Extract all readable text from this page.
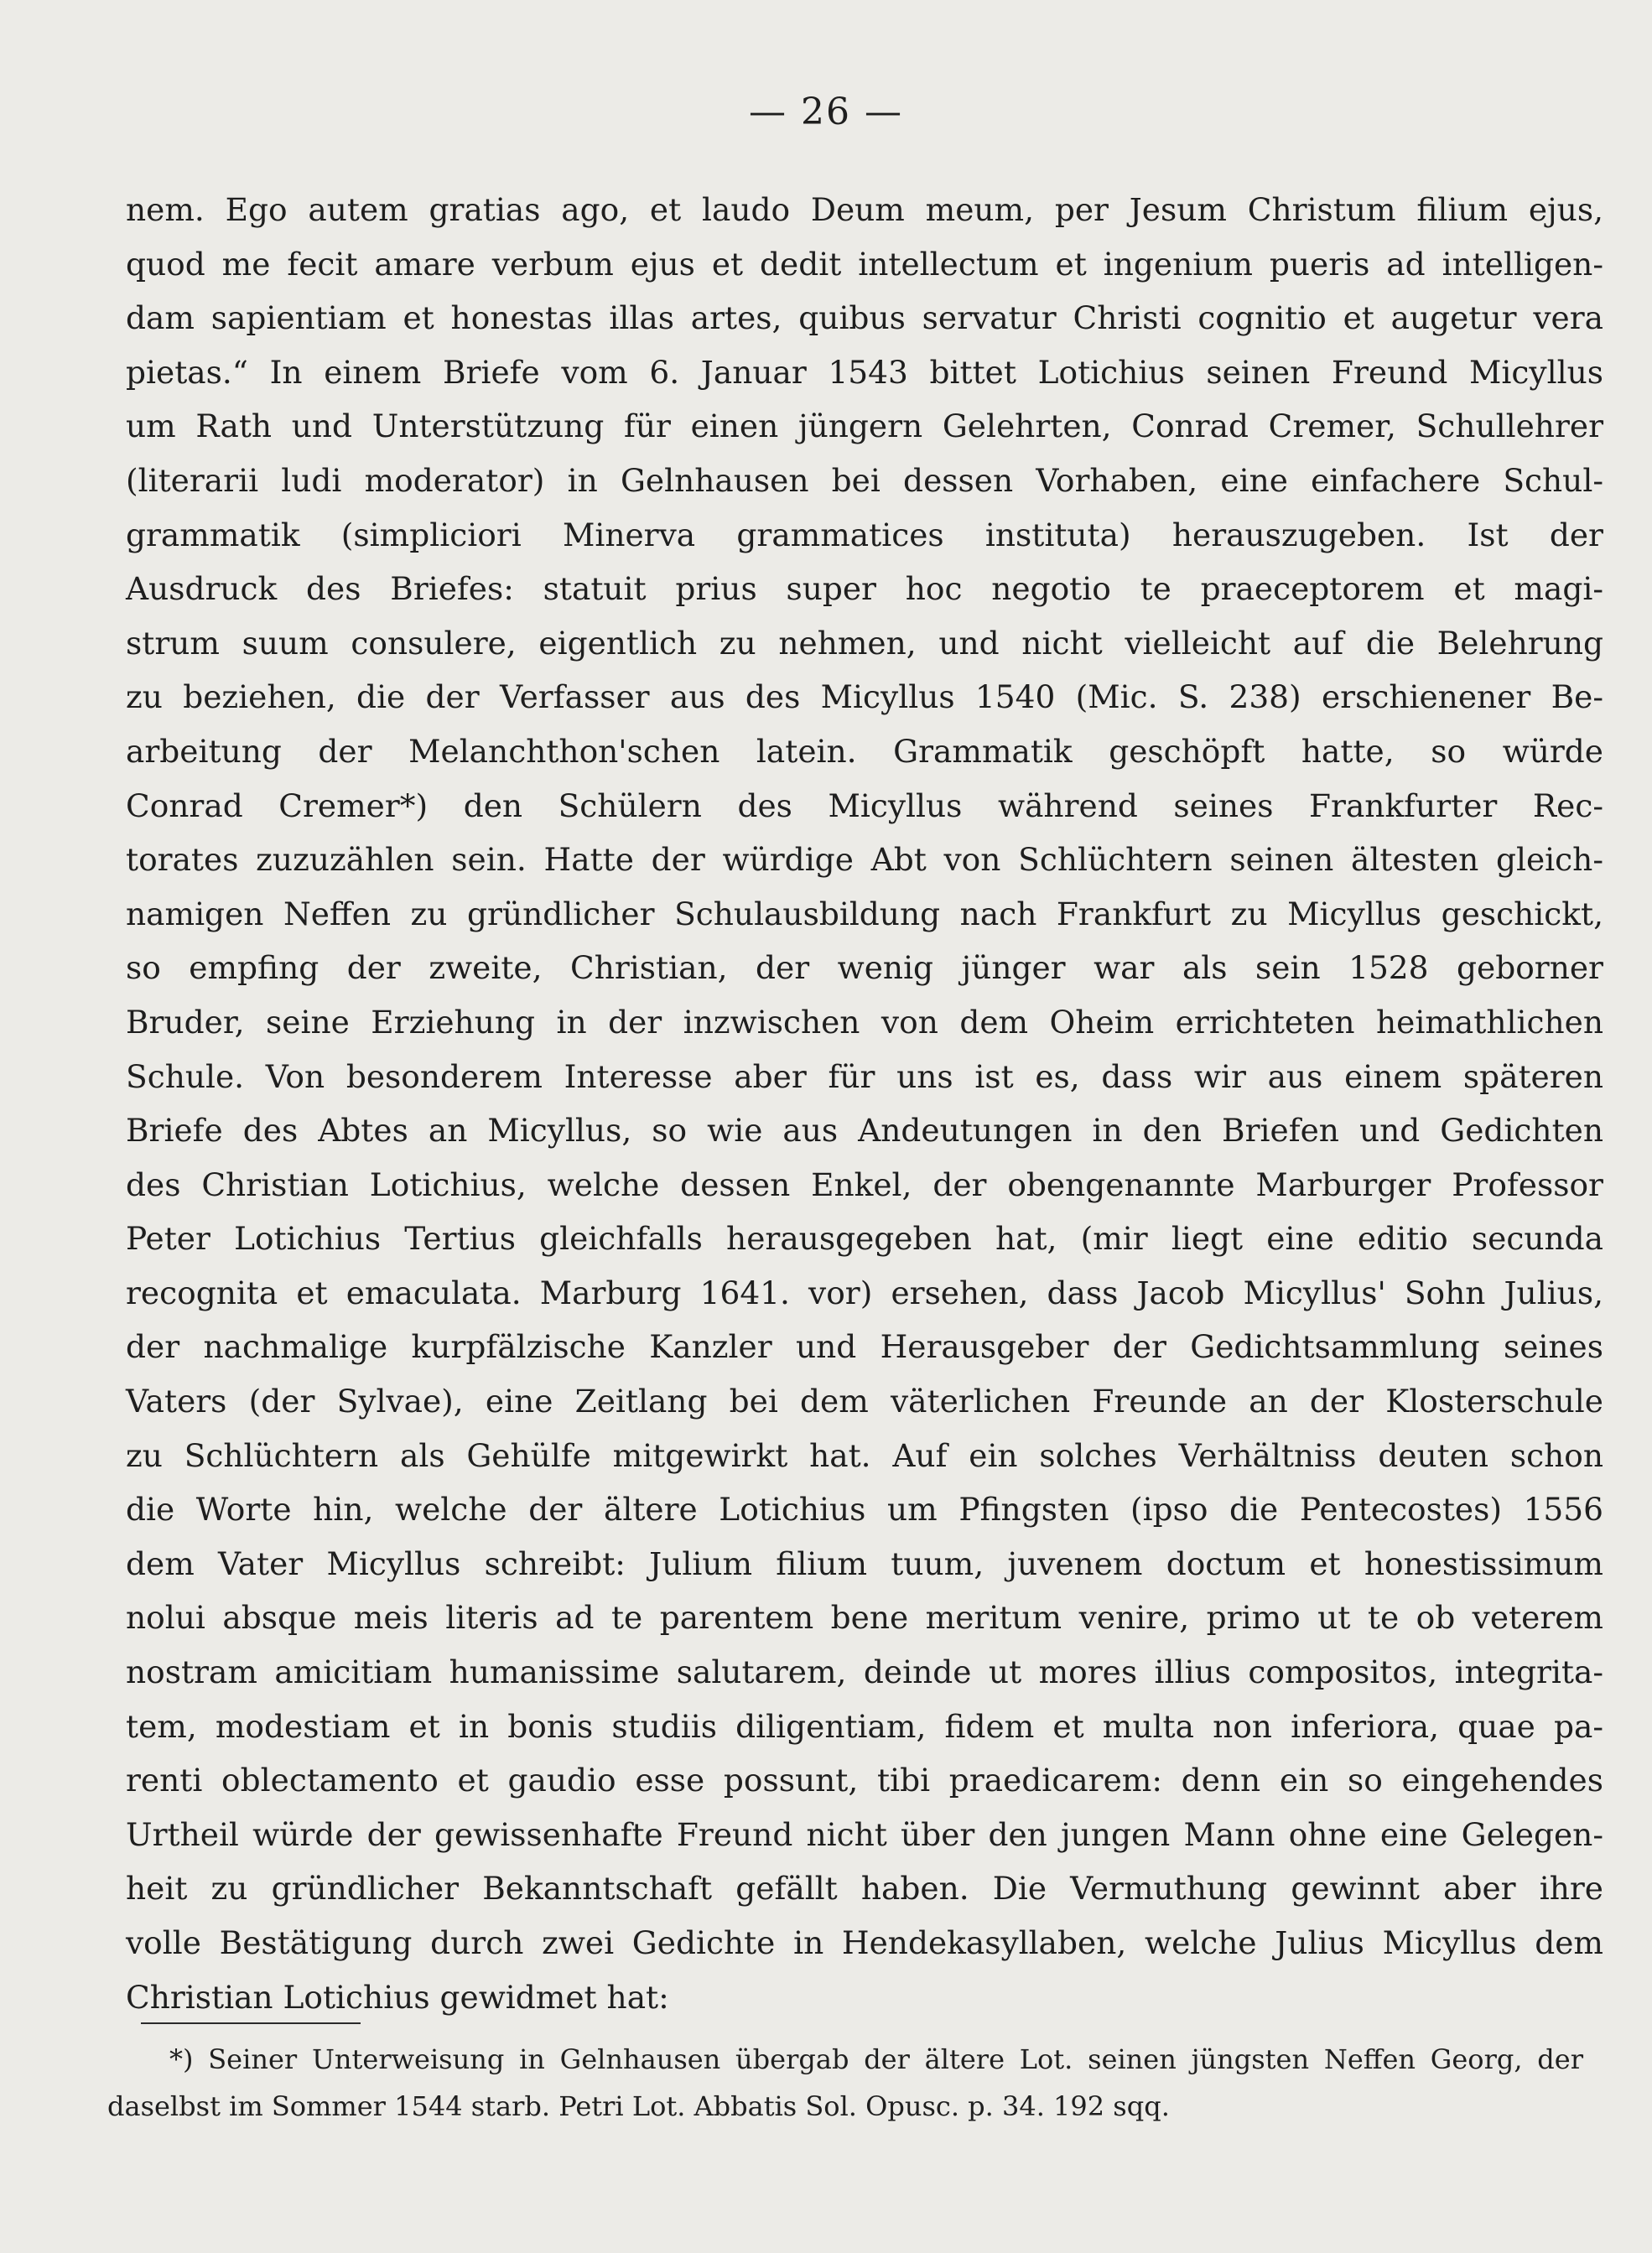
— 26 —
nem. Ego autem gratias ago, et laudo Deum meum, per Jesum Christum filium ejus,
quod me fecit amare verbum ejus et dedit intellectum et ingenium pueris ad intelligen-
dam sapientiam et honestas illas artes, quibus servatur Christi cognitio et augetur vera
pietas.“ In einem Briefe vom 6. Januar 1543 bittet Lotichius seinen Freund Micyllus
um Rath und Unterstützung für einen jüngern Gelehrten, Conrad Cremer, Schullehrer
(literarii ludi moderator) in Gelnhausen bei dessen Vorhaben, eine einfachere Schul-
grammatik (simpliciori Minerva grammatices instituta) herauszugeben. Ist der
Ausdruck des Briefes: statuit prius super hoc negotio te praeceptorem et magi-
strum suum consulere, eigentlich zu nehmen, und nicht vielleicht auf die Belehrung
zu beziehen, die der Verfasser aus des Micyllus 1540 (Mic. S. 238) erschienener Be-
arbeitung der Melanchthon'schen latein. Grammatik geschöpft hatte, so würde
Conrad Cremer*) den Schülern des Micyllus während seines Frankfurter Rec-
torates zuzuzählen sein. Hatte der würdige Abt von Schlüchtern seinen ältesten gleich-
namigen Neffen zu gründlicher Schulausbildung nach Frankfurt zu Micyllus geschickt,
so empfing der zweite, Christian, der wenig jünger war als sein 1528 geborner
Bruder, seine Erziehung in der inzwischen von dem Oheim errichteten heimathlichen
Schule. Von besonderem Interesse aber für uns ist es, dass wir aus einem späteren
Briefe des Abtes an Micyllus, so wie aus Andeutungen in den Briefen und Gedichten
des Christian Lotichius, welche dessen Enkel, der obengenannte Marburger Professor
Peter Lotichius Tertius gleichfalls herausgegeben hat, (mir liegt eine editio secunda
recognita et emaculata. Marburg 1641. vor) ersehen, dass Jacob Micyllus' Sohn Julius,
der nachmalige kurpfälzische Kanzler und Herausgeber der Gedichtsammlung seines
Vaters (der Sylvae), eine Zeitlang bei dem väterlichen Freunde an der Klosterschule
zu Schlüchtern als Gehülfe mitgewirkt hat. Auf ein solches Verhältniss deuten schon
die Worte hin, welche der ältere Lotichius um Pfingsten (ipso die Pentecostes) 1556
dem Vater Micyllus schreibt: Julium filium tuum, juvenem doctum et honestissimum
nolui absque meis literis ad te parentem bene meritum venire, primo ut te ob veterem
nostram amicitiam humanissime salutarem, deinde ut mores illius compositos, integrita-
tem, modestiam et in bonis studiis diligentiam, fidem et multa non inferiora, quae pa-
renti oblectamento et gaudio esse possunt, tibi praedicarem: denn ein so eingehendes
Urtheil würde der gewissenhafte Freund nicht über den jungen Mann ohne eine Gelegen-
heit zu gründlicher Bekanntschaft gefällt haben. Die Vermuthung gewinnt aber ihre
volle Bestätigung durch zwei Gedichte in Hendekasyllaben, welche Julius Micyllus dem
Christian Lotichius gewidmet hat:
*) Seiner Unterweisung in Gelnhausen übergab der ältere Lot. seinen jüngsten Neffen Georg, der
daselbst im Sommer 1544 starb. Petri Lot. Abbatis Sol. Opusc. p. 34. 192 sqq.
